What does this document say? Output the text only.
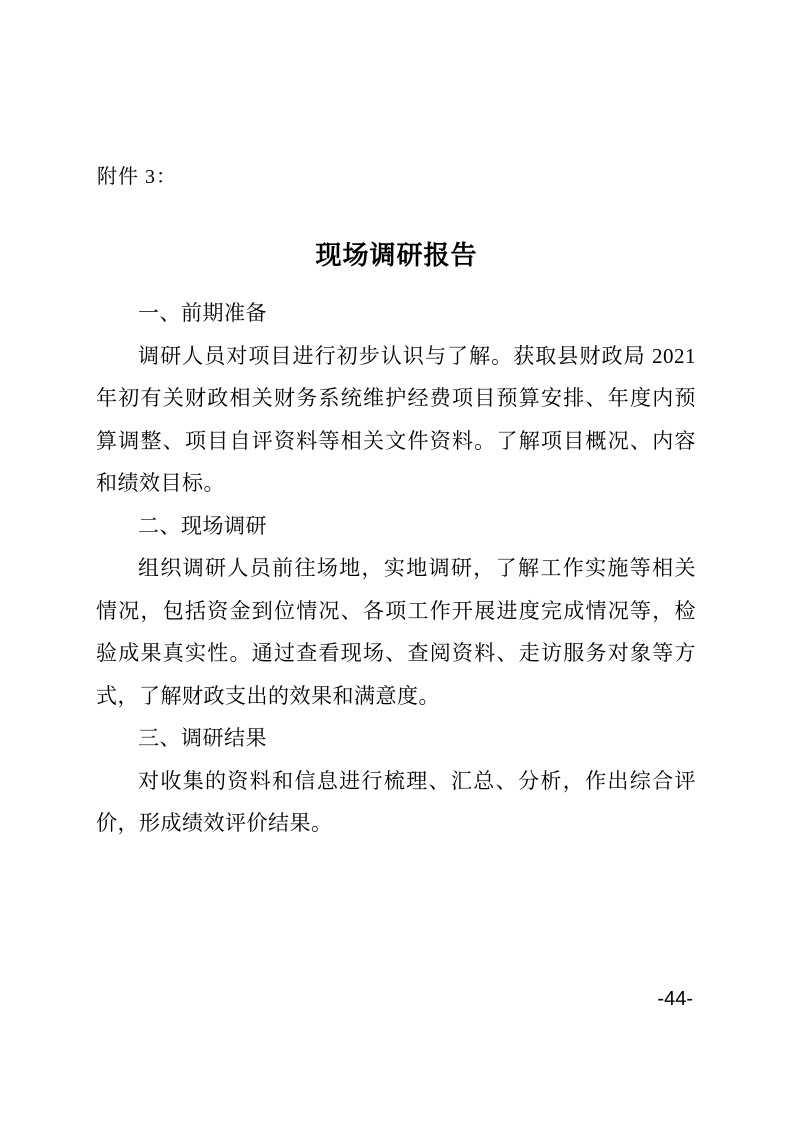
附件 3：
现场调研报告

一、前期准备

调研人员对项目进行初步认识与了解。获取县财政局 2021 年初有关财政相关财务系统维护经费项目预算安排、年度内预算调整、项目自评资料等相关文件资料。了解项目概况、内容和绩效目标。

二、现场调研

组织调研人员前往场地，实地调研，了解工作实施等相关情况，包括资金到位情况、各项工作开展进度完成情况等，检验成果真实性。通过查看现场、查阅资料、走访服务对象等方式，了解财政支出的效果和满意度。

三、调研结果

对收集的资料和信息进行梳理、汇总、分析，作出综合评价，形成绩效评价结果。

-44-
